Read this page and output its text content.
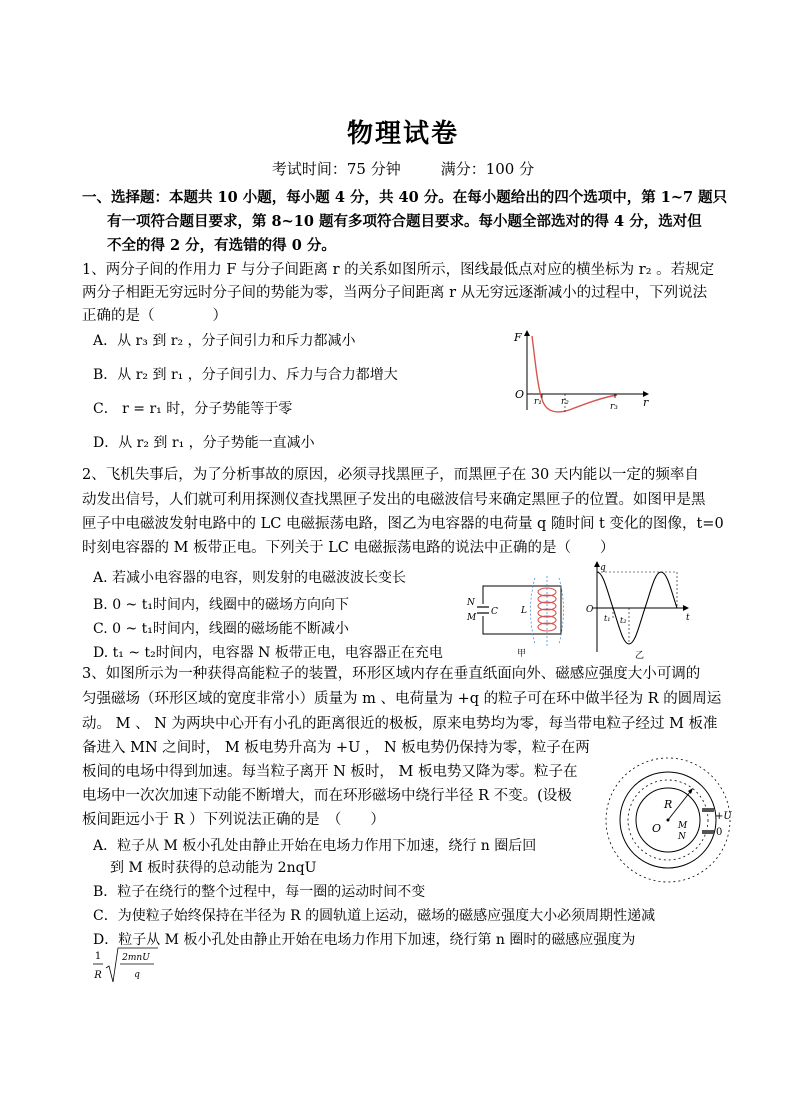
物理试卷
考试时间：75 分钟	满分：100 分
一、选择题：本题共 10 小题，每小题 4 分，共 40 分。在每小题给出的四个选项中，第 1~7 题只
有一项符合题目要求，第 8~10 题有多项符合题目要求。每小题全部选对的得 4 分，选对但
不全的得 2 分，有选错的得 0 分。
1、两分子间的作用力 F 与分子间距离 r 的关系如图所示，图线最低点对应的横坐标为 r₂ 。若规定
两分子相距无穷远时分子间的势能为零，当两分子间距离 r 从无穷远逐渐减小的过程中，下列说法
正确的是（　　　　）
A．从 r₃ 到 r₂ ，分子间引力和斥力都减小
B．从 r₂ 到 r₁ ，分子间引力、斥力与合力都增大
C． r = r₁ 时，分子势能等于零
D．从 r₂ 到 r₁ ，分子势能一直减小
F
O
r
r₁ r₂	r₃
2、飞机失事后，为了分析事故的原因，必须寻找黑匣子，而黑匣子在 30 天内能以一定的频率自
动发出信号，人们就可利用探测仪查找黑匣子发出的电磁波信号来确定黑匣子的位置。如图甲是黑
匣子中电磁波发射电路中的 LC 电磁振荡电路，图乙为电容器的电荷量 q 随时间 t 变化的图像，t=0
时刻电容器的 M 板带正电。下列关于 LC 电磁振荡电路的说法中正确的是（　　）
A. 若减小电容器的电容，则发射的电磁波波长变长
B. 0 ~ t₁时间内，线圈中的磁场方向向下
C. 0 ~ t₁时间内，线圈的磁场能不断减小
D. t₁ ~ t₂时间内，电容器 N 板带正电，电容器正在充电
N
C
M
L
甲
q
O
t
t₁ t₂
乙
3、如图所示为一种获得高能粒子的装置，环形区域内存在垂直纸面向外、磁感应强度大小可调的
匀强磁场（环形区域的宽度非常小）质量为 m 、电荷量为 +q 的粒子可在环中做半径为 R 的圆周运
动。 M 、 N 为两块中心开有小孔的距离很近的极板，原来电势均为零，每当带电粒子经过 M 板准
备进入 MN 之间时， M 板电势升高为 +U ， N 板电势仍保持为零，粒子在两
板间的电场中得到加速。每当粒子离开 N 板时， M 板电势又降为零。粒子在
电场中一次次加速下动能不断增大，而在环形磁场中绕行半径 R 不变。(设极
板间距远小于 R ）下列说法正确的是　（　　）
A．粒子从 M 板小孔处由静止开始在电场力作用下加速，绕行 n 圈后回
到 M 板时获得的总动能为 2nqU
B．粒子在绕行的整个过程中，每一圈的运动时间不变
C．为使粒子始终保持在半径为 R 的圆轨道上运动，磁场的磁感应强度大小必须周期性递减
D．粒子从 M 板小孔处由静止开始在电场力作用下加速，绕行第 n 圈时的磁感应强度为
1
R
2mnU
q
R
O M
N
+U
0
